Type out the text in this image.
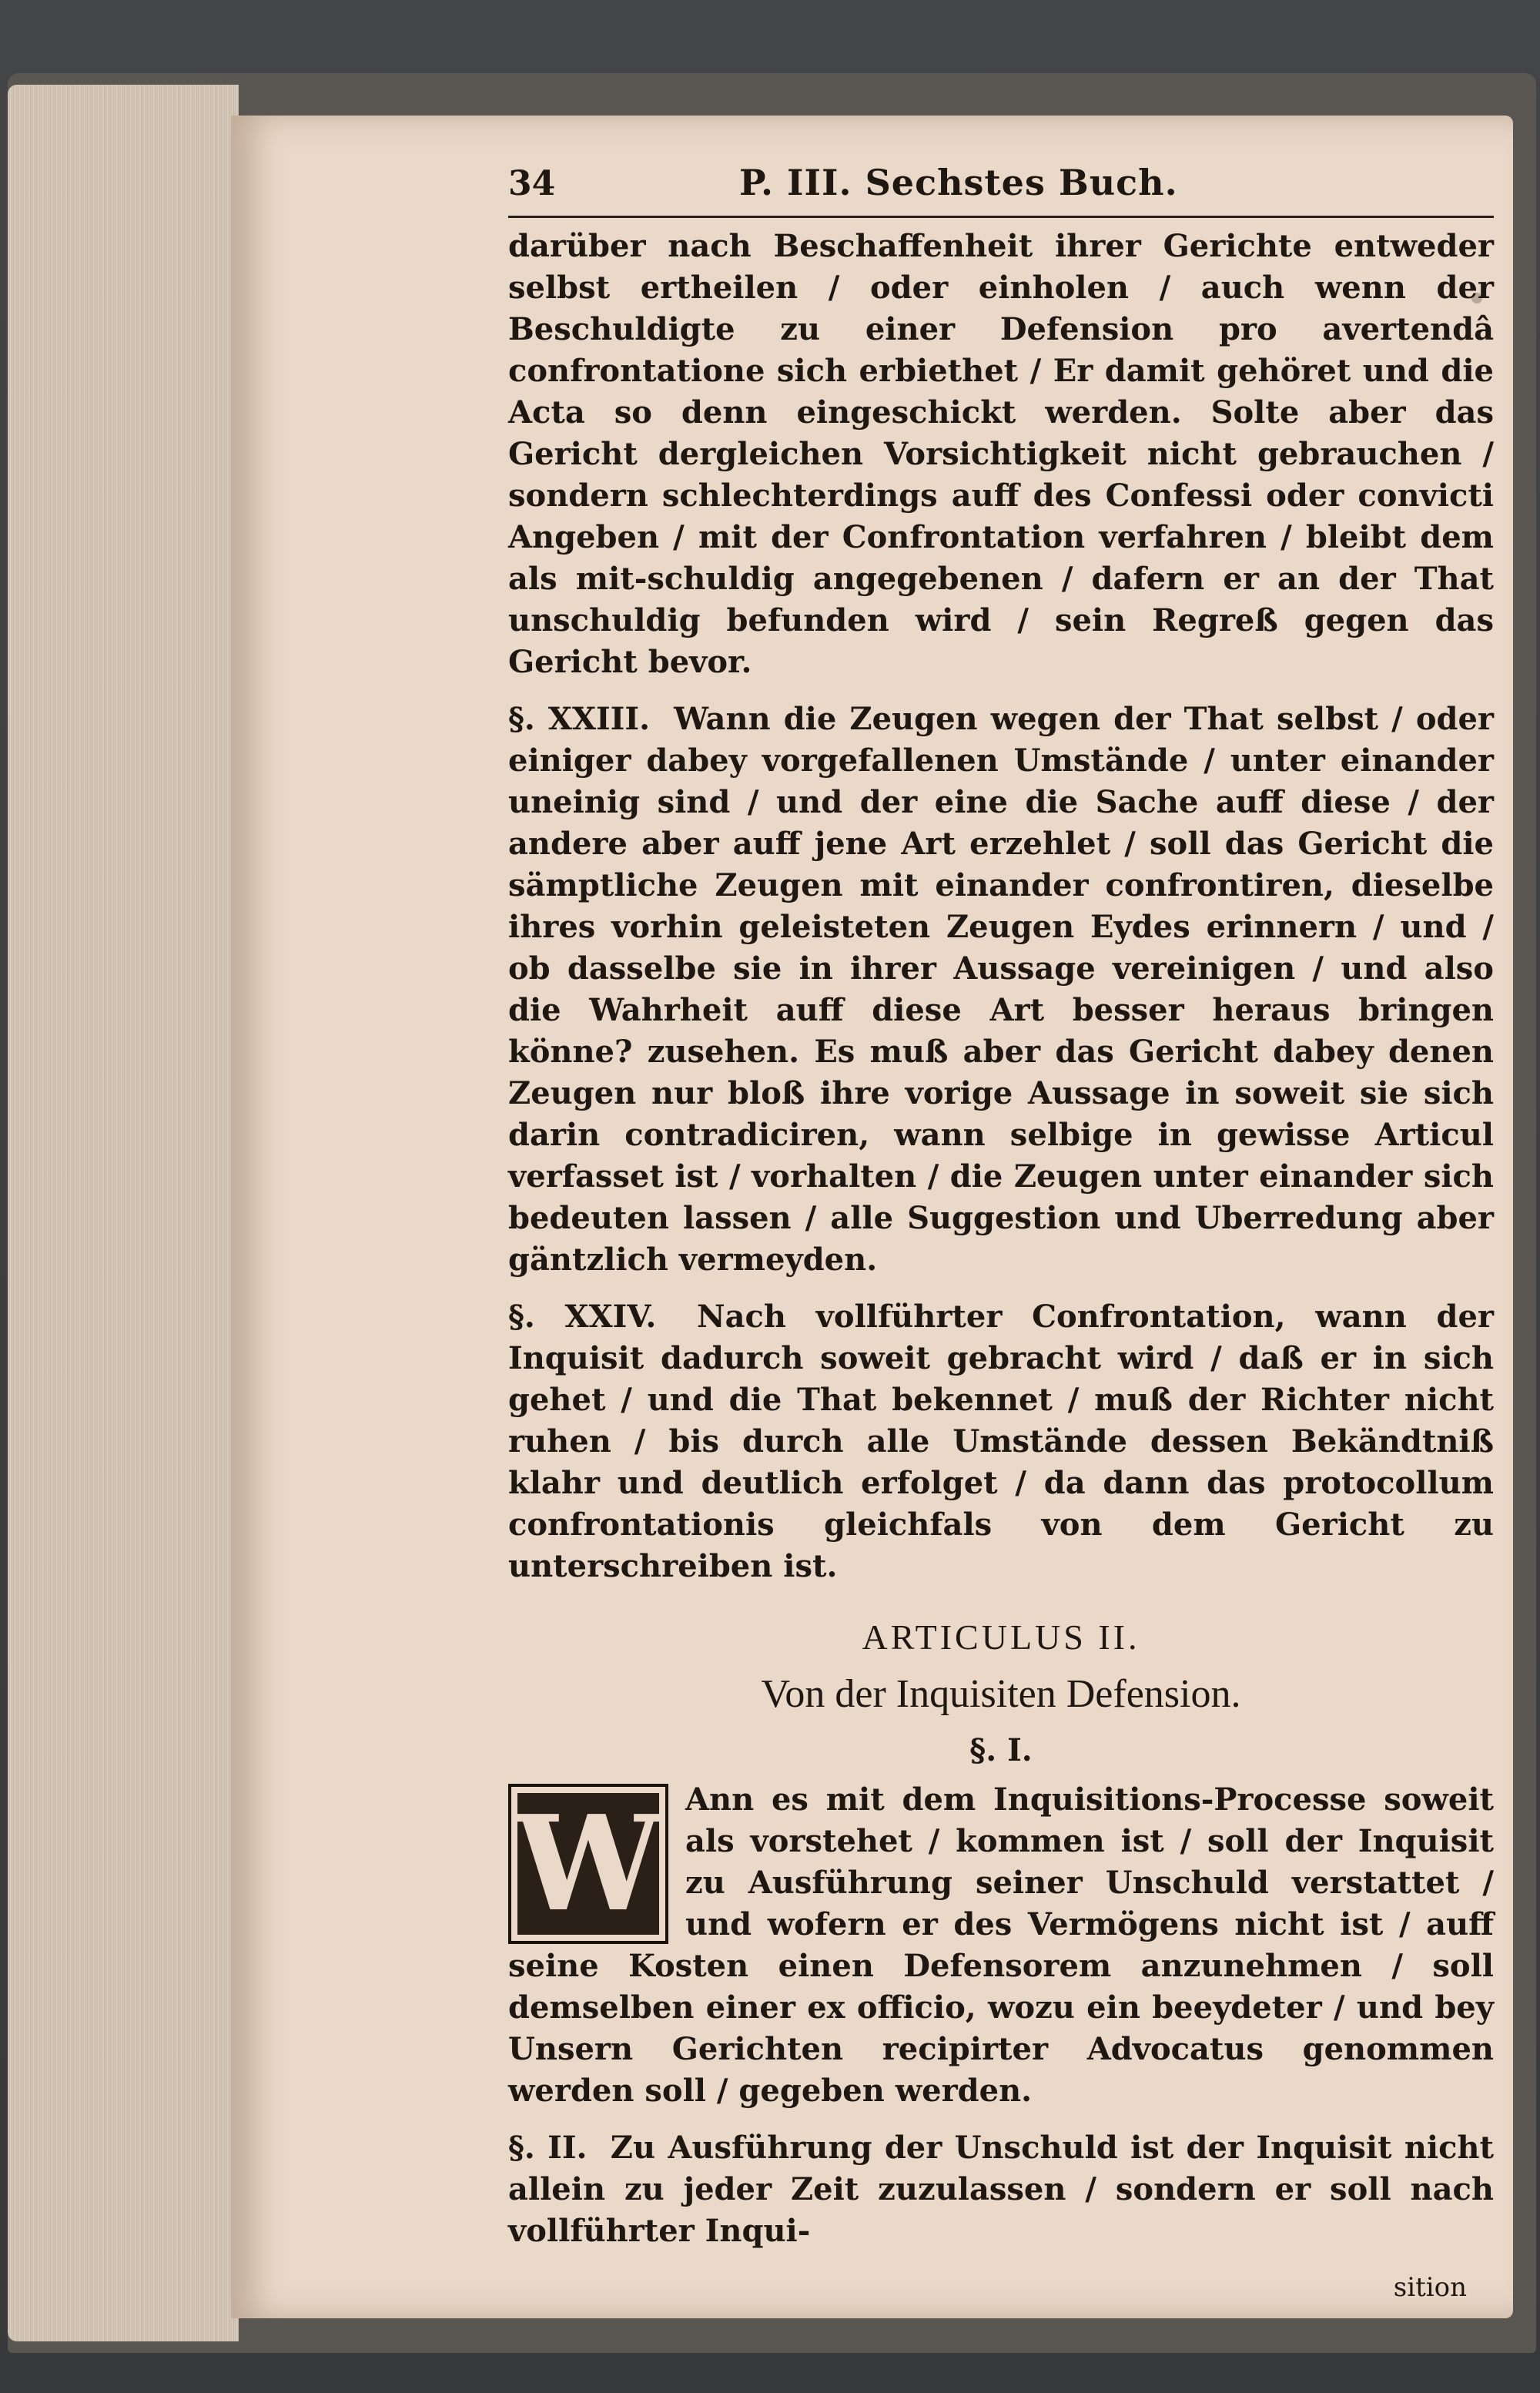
34	P. III. Sechstes Buch.

darüber nach Beschaffenheit ihrer Gerichte entweder selbst ertheilen / oder einholen / auch wenn der Beschuldigte zu einer Defension pro avertendâ confrontatione sich erbiethet / Er damit gehöret und die Acta so denn eingeschickt werden. Solte aber das Gericht dergleichen Vorsichtigkeit nicht gebrauchen / sondern schlechterdings auff des Confessi oder convicti Angeben / mit der Confrontation verfahren / bleibt dem als mit-schuldig angegebenen / dafern er an der That unschuldig befunden wird / sein Regreß gegen das Gericht bevor.

§. XXIII. Wann die Zeugen wegen der That selbst / oder einiger dabey vorgefallenen Umstände / unter einander uneinig sind / und der eine die Sache auff diese / der andere aber auff jene Art erzehlet / soll das Gericht die sämptliche Zeugen mit einander confrontiren, dieselbe ihres vorhin geleisteten Zeugen Eydes erinnern / und / ob dasselbe sie in ihrer Aussage vereinigen / und also die Wahrheit auff diese Art besser heraus bringen könne? zusehen. Es muß aber das Gericht dabey denen Zeugen nur bloß ihre vorige Aussage in soweit sie sich darin contradiciren, wann selbige in gewisse Articul verfasset ist / vorhalten / die Zeugen unter einander sich bedeuten lassen / alle Suggestion und Uberredung aber gäntzlich vermeyden.

§. XXIV. Nach vollführter Confrontation, wann der Inquisit dadurch soweit gebracht wird / daß er in sich gehet / und die That bekennet / muß der Richter nicht ruhen / bis durch alle Umstände dessen Bekändtniß klahr und deutlich erfolget / da dann das protocollum confrontationis gleichfals von dem Gericht zu unterschreiben ist.

ARTICULUS II.
Von der Inquisiten Defension.
§. I.
W Ann es mit dem Inquisitions-Processe soweit als vorstehet / kommen ist / soll der Inquisit zu Ausführung seiner Unschuld verstattet / und wofern er des Vermögens nicht ist / auff seine Kosten einen Defensorem anzunehmen / soll demselben einer ex officio, wozu ein beeydeter / und bey Unsern Gerichten recipirter Advocatus genommen werden soll / gegeben werden.

§. II. Zu Ausführung der Unschuld ist der Inquisit nicht allein zu jeder Zeit zuzulassen / sondern er soll nach vollführter Inqui-

sition
